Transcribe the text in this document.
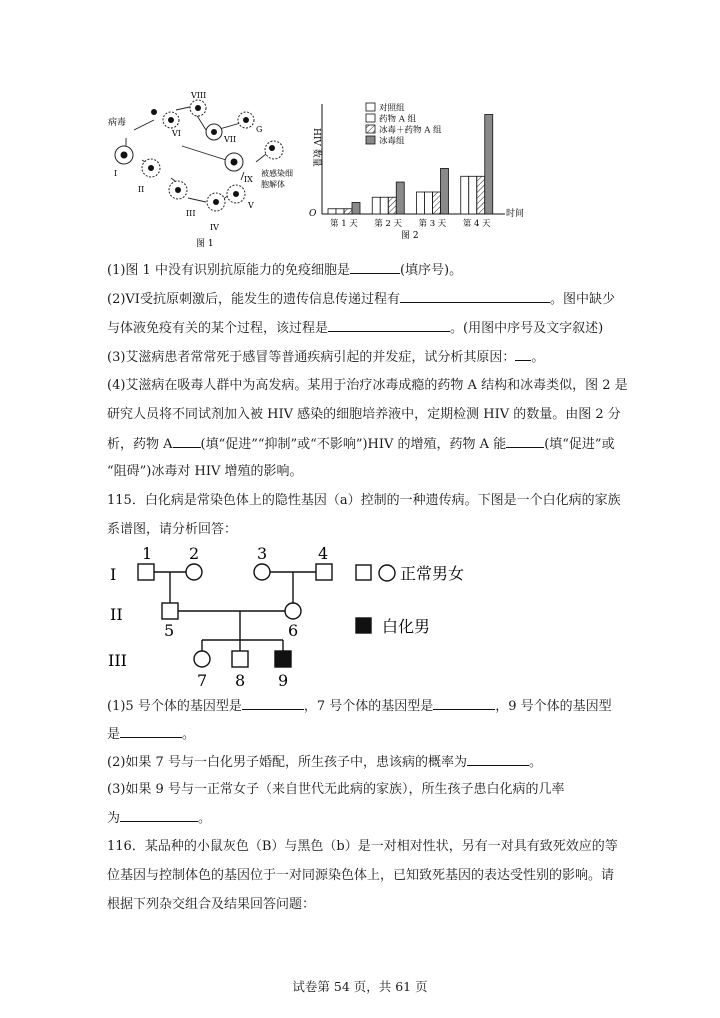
病毒
I
II
III
IV
V
VI
VII
VIII
IX
G
被感染细
胞解体
图 1
对照组
药物 A 组
冰毒＋药物 A 组
冰毒组
第 1 天 第 2 天 第 3 天 第 4 天
HIV 数量
O	时间
图 2
(1)图 1 中没有识别抗原能力的免疫细胞是	(填序号)。
(2)VI受抗原刺激后，能发生的遗传信息传递过程有	。图中缺少
与体液免疫有关的某个过程，该过程是	。(用图中序号及文字叙述)
(3)艾滋病患者常常死于感冒等普通疾病引起的并发症，试分析其原因： 。
(4)艾滋病在吸毒人群中为高发病。某用于治疗冰毒成瘾的药物 A 结构和冰毒类似，图 2 是
研究人员将不同试剂加入被 HIV 感染的细胞培养液中，定期检测 HIV 的数量。由图 2 分
析，药物 A (填“促进”“抑制”或“不影响”)HIV 的增殖，药物 A 能	(填“促进”或
“阻碍”)冰毒对 HIV 增殖的影响。
115．白化病是常染色体上的隐性基因（a）控制的一种遗传病。下图是一个白化病的家族
系谱图，请分析回答：
I
II
III
1 2	3	4
5	6
7 8 9
正常男女
白化男
(1)5 号个体的基因型是	，7 号个体的基因型是	，9 号个体的基因型
是	。
(2)如果 7 号与一白化男子婚配，所生孩子中，患该病的概率为	。
(3)如果 9 号与一正常女子（来自世代无此病的家族），所生孩子患白化病的几率
为	。
116．某品种的小鼠灰色（B）与黑色（b）是一对相对性状，另有一对具有致死效应的等
位基因与控制体色的基因位于一对同源染色体上，已知致死基因的表达受性别的影响。请
根据下列杂交组合及结果回答问题：
试卷第 54 页，共 61 页
